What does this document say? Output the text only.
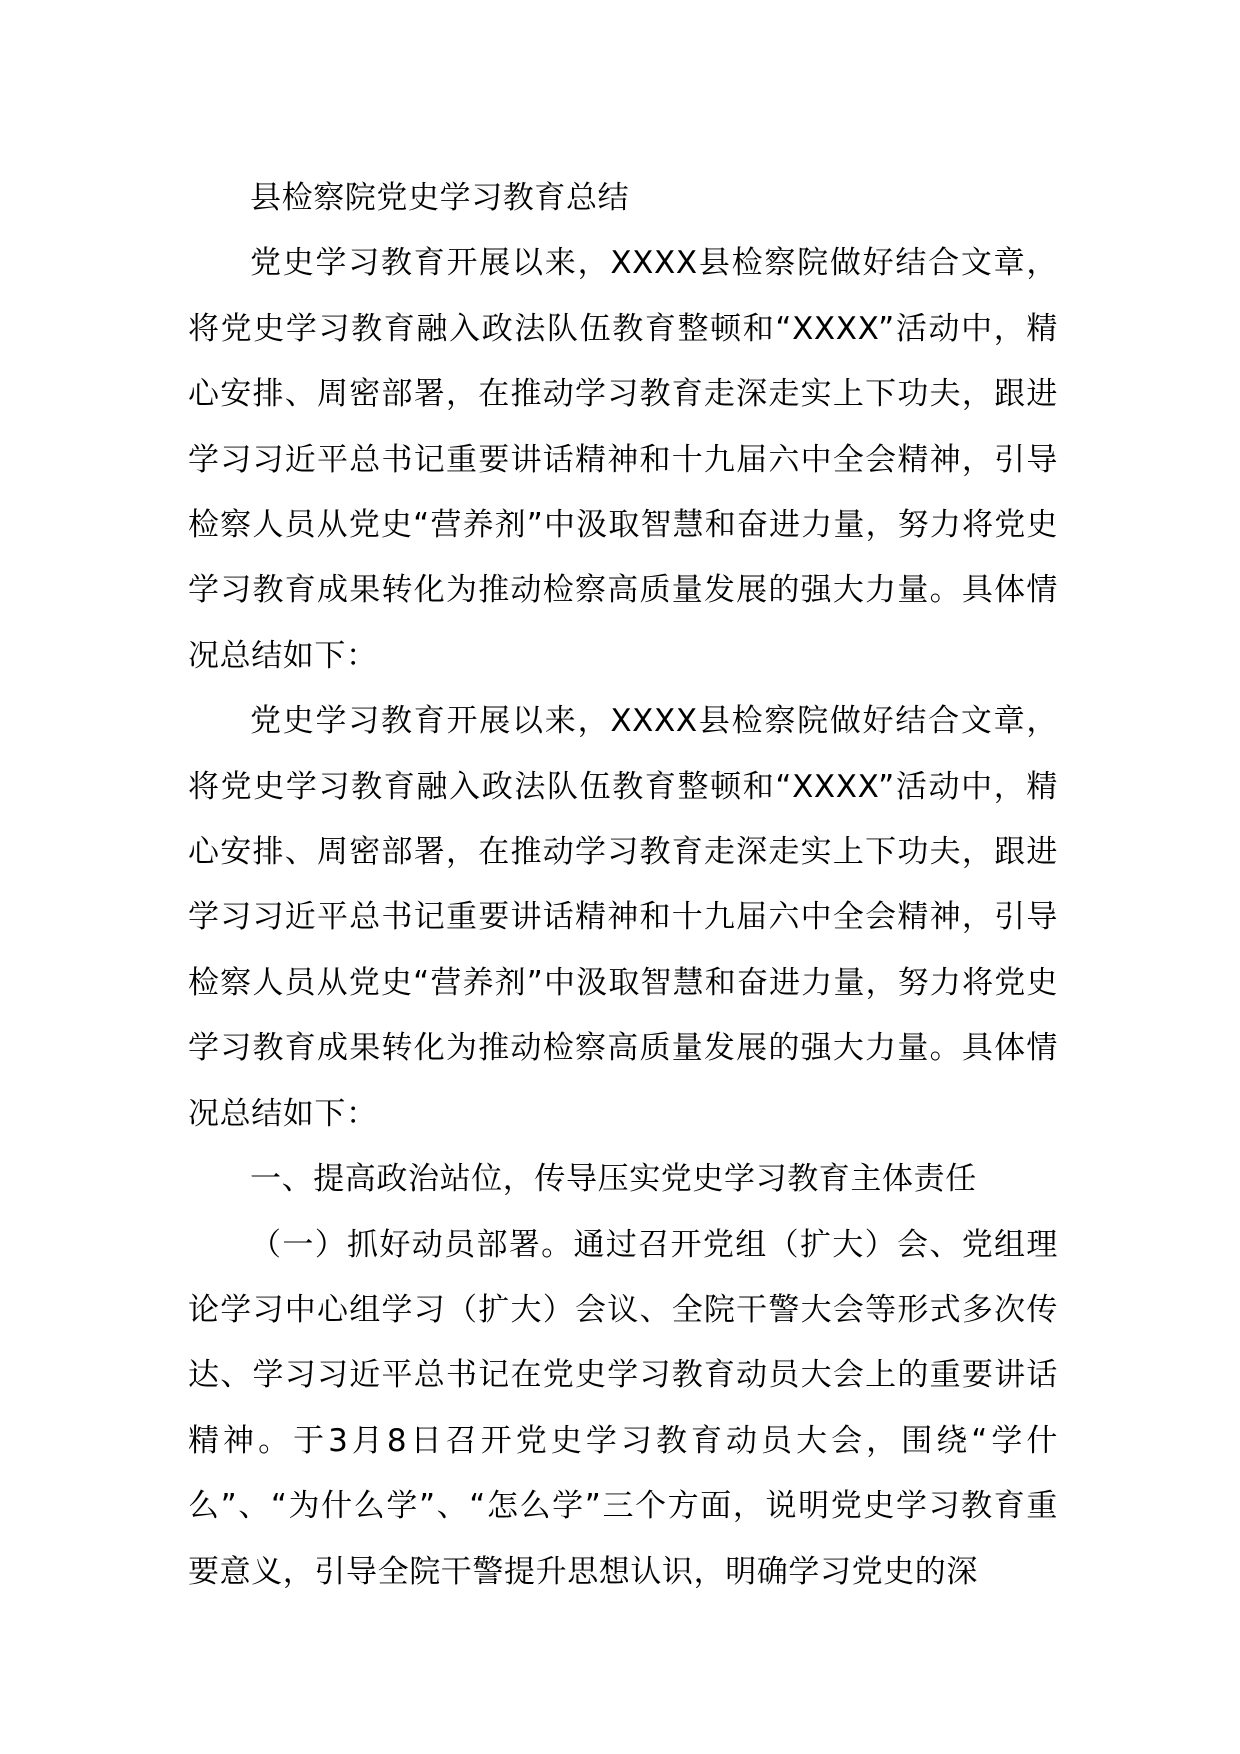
县检察院党史学习教育总结

党史学习教育开展以来，XXXX县检察院做好结合文章，将党史学习教育融入政法队伍教育整顿和“XXXX”活动中，精心安排、周密部署，在推动学习教育走深走实上下功夫，跟进学习习近平总书记重要讲话精神和十九届六中全会精神，引导检察人员从党史“营养剂”中汲取智慧和奋进力量，努力将党史学习教育成果转化为推动检察高质量发展的强大力量。具体情况总结如下：

党史学习教育开展以来，XXXX县检察院做好结合文章，将党史学习教育融入政法队伍教育整顿和“XXXX”活动中，精心安排、周密部署，在推动学习教育走深走实上下功夫，跟进学习习近平总书记重要讲话精神和十九届六中全会精神，引导检察人员从党史“营养剂”中汲取智慧和奋进力量，努力将党史学习教育成果转化为推动检察高质量发展的强大力量。具体情况总结如下：

一、提高政治站位，传导压实党史学习教育主体责任

（一）抓好动员部署。通过召开党组（扩大）会、党组理论学习中心组学习（扩大）会议、全院干警大会等形式多次传达、学习习近平总书记在党史学习教育动员大会上的重要讲话精神。于3月8日召开党史学习教育动员大会，围绕“学什么”、“为什么学”、“怎么学”三个方面，说明党史学习教育重要意义，引导全院干警提升思想认识，明确学习党史的深
